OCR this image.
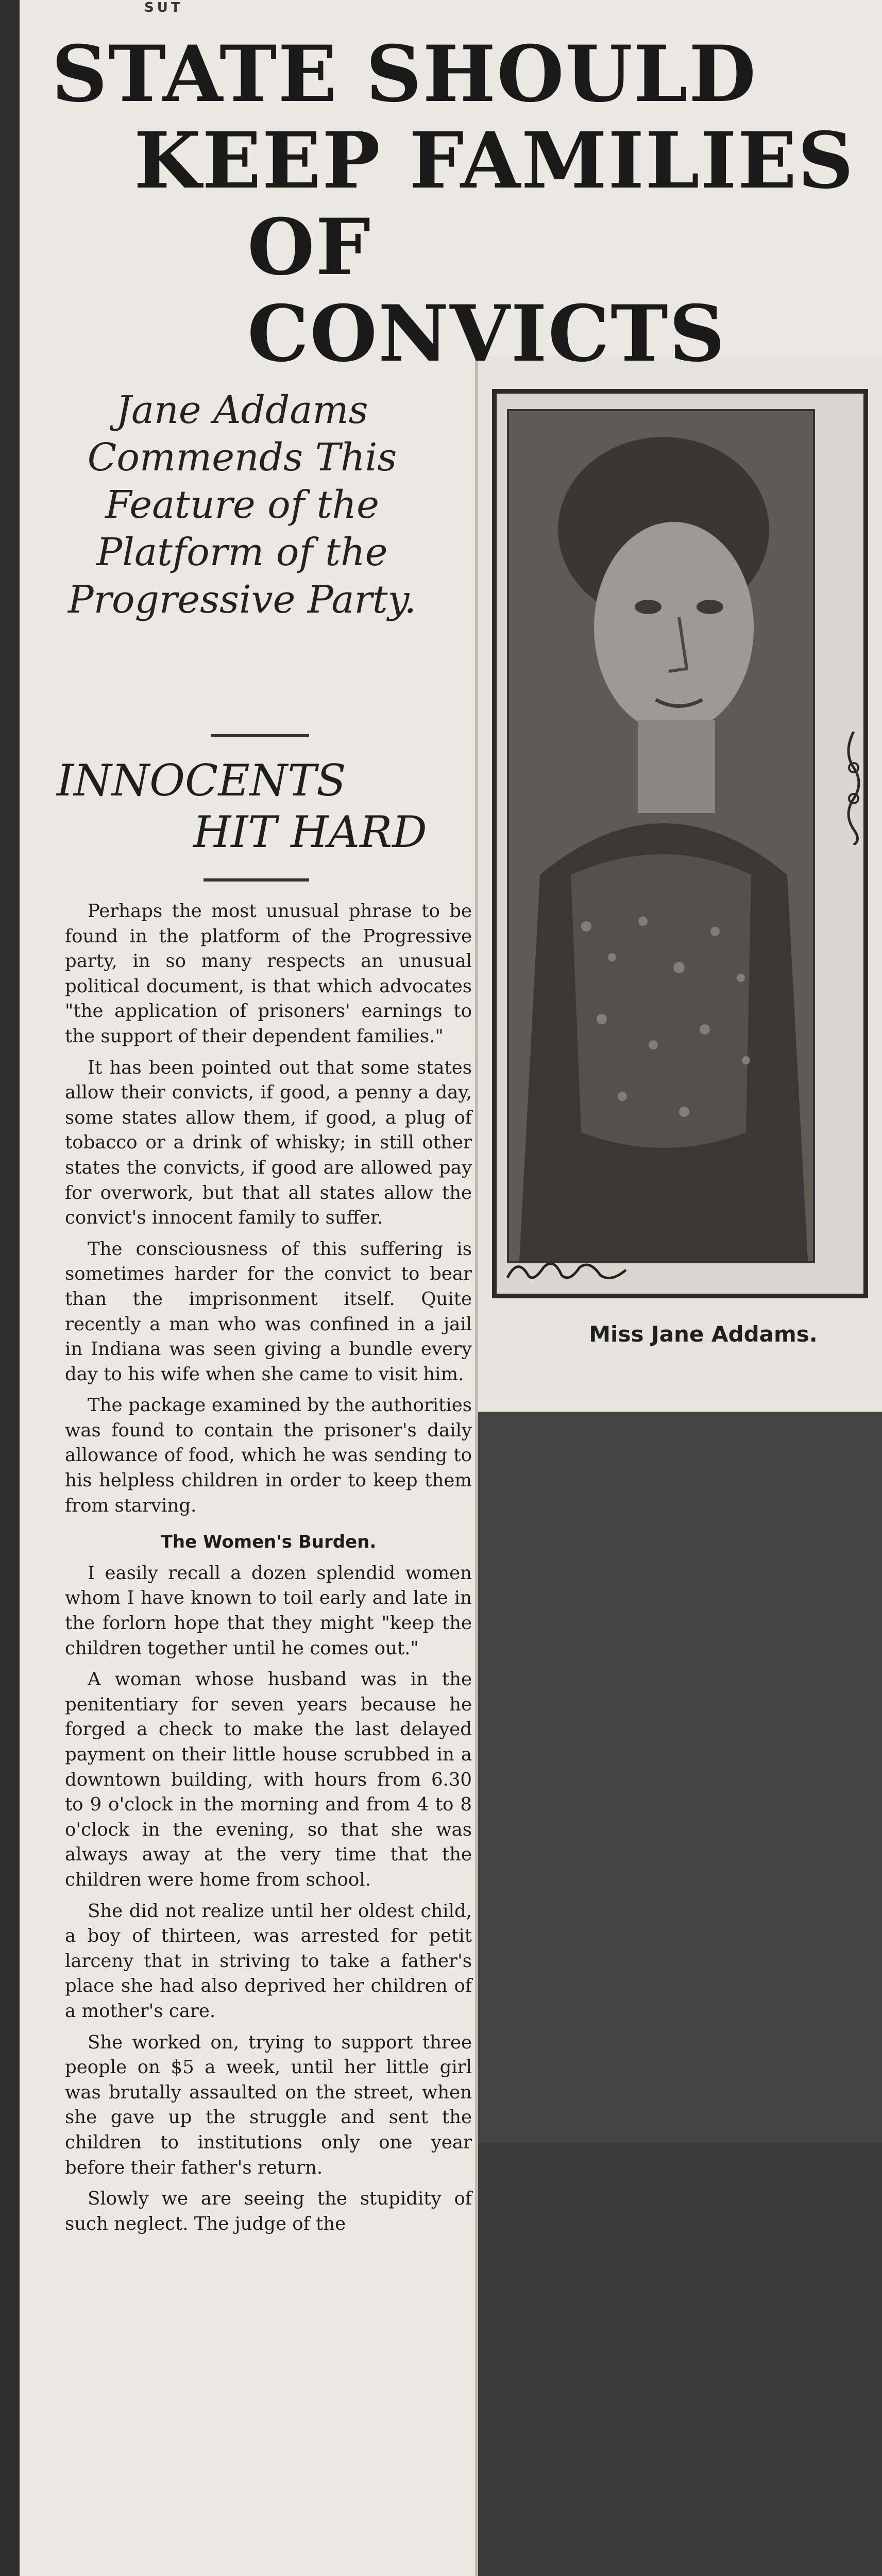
SUT
STATE SHOULD
KEEP FAMILIES
OF CONVICTS
Jane Addams Commends This Feature of the Platform of the Progressive Party.
INNOCENTS
HIT HARD
Miss Jane Addams.

Perhaps the most unusual phrase to be found in the platform of the Progressive party, in so many respects an unusual political document, is that which advocates "the application of prisoners' earnings to the support of their dependent families."

It has been pointed out that some states allow their convicts, if good, a penny a day, some states allow them, if good, a plug of tobacco or a drink of whisky; in still other states the convicts, if good are allowed pay for overwork, but that all states allow the convict's innocent family to suffer.

The consciousness of this suffering is sometimes harder for the convict to bear than the imprisonment itself. Quite recently a man who was confined in a jail in Indiana was seen giving a bundle every day to his wife when she came to visit him.

The package examined by the authorities was found to contain the prisoner's daily allowance of food, which he was sending to his helpless children in order to keep them from starving.

The Women's Burden.

I easily recall a dozen splendid women whom I have known to toil early and late in the forlorn hope that they might "keep the children together until he comes out."

A woman whose husband was in the penitentiary for seven years because he forged a check to make the last delayed payment on their little house scrubbed in a downtown building, with hours from 6.30 to 9 o'clock in the morning and from 4 to 8 o'clock in the evening, so that she was always away at the very time that the children were home from school.

She did not realize until her oldest child, a boy of thirteen, was arrested for petit larceny that in striving to take a father's place she had also deprived her children of a mother's care.

She worked on, trying to support three people on $5 a week, until her little girl was brutally assaulted on the street, when she gave up the struggle and sent the children to institutions only one year before their father's return.

Slowly we are seeing the stupidity of such neglect. The judge of the
